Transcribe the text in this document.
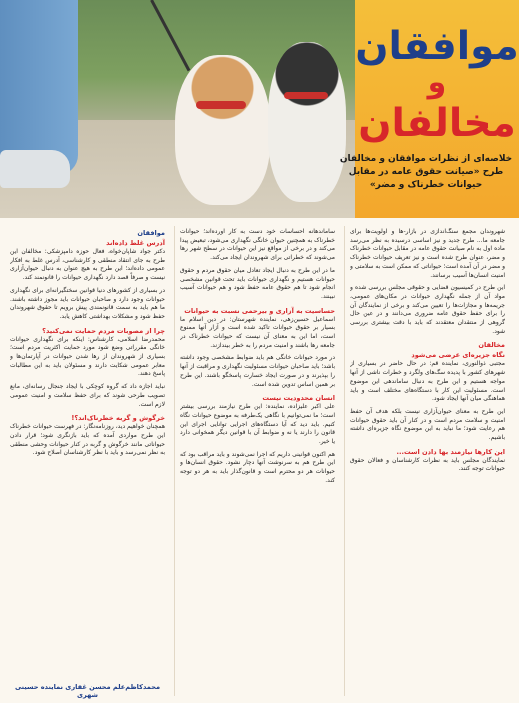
موافقان
و
مخالفان
خلاصه‌ای از نظرات موافقان و مخالفان طرح «صیانت حقوق عامه در مقابل حیوانات خطرناک و مضر»
شهروندان مجمع سنگ‌اندازی در بازار-ها و اولویت‌ها برای جامعه ما... طرح جدید و نیز اساسی درسیده به نظر می‌رسد ماده اول به نام صیانت حقوق عامه در مقابل حیوانات خطرناک و مضر، عنوان طرح شده است و نیز تعریف حیوانات خطرناک و مضر در آن آمده است؛ حیواناتی که ممکن است به سلامتی و امنیت انسان‌ها آسیب برسانند.
این طرح در کمیسیون قضایی و حقوقی مجلس بررسی شده و مواد آن از جمله نگهداری حیوانات در مکان‌های عمومی، جریمه‌ها و مجازات‌ها را تعیین می‌کند و برخی از نمایندگان آن را برای حفظ حقوق عامه ضروری می‌دانند و در عین حال گروهی از منتقدان معتقدند که باید با دقت بیشتری بررسی شود.
مخالفان
نگاه جزیره‌ای عرضی می‌شود
مجتبی ذوالنوری، نماینده قم: در حال حاضر در بسیاری از شهرهای کشور با پدیده سگ‌های ولگرد و خطرات ناشی از آنها مواجه هستیم و این طرح به دنبال ساماندهی این موضوع است. مسئولیت این کار با دستگاه‌های مختلف است و باید هماهنگی میان آنها ایجاد شود.
این طرح به معنای حیوان‌آزاری نیست بلکه هدف آن حفظ امنیت و سلامت مردم است و در کنار آن باید حقوق حیوانات هم رعایت شود؛ ما نباید به این موضوع نگاه جزیره‌ای داشته باشیم.
این کارها نیازمند بها دادن است...
نمایندگان مجلس باید به نظرات کارشناسان و فعالان حقوق حیوانات توجه کنند.
ساماندهانه احساسات خود دست به کار آورده‌اند؛ حیوانات خطرناک به همچنین حیوان خانگی نگهداری می‌شود، تبعیض پیدا می‌کند و در برخی از مواقع نیز این حیوانات در سطح شهر رها می‌شوند که خطراتی برای شهروندان ایجاد می‌کند.
ما در این طرح به دنبال ایجاد تعادل میان حقوق مردم و حقوق حیوانات هستیم و نگهداری حیوانات باید تحت قوانین مشخصی انجام شود تا هم حقوق عامه حفظ شود و هم حیوانات آسیب نبینند.
حساسیت به آزاری و بیرحمی نسبت به حیوانات
اسماعیل حسین‌زهی، نماینده شهرستان: در دین اسلام ما بسیار بر حقوق حیوانات تاکید شده است و آزار آنها ممنوع است، اما این به معنای آن نیست که حیوانات خطرناک در جامعه رها باشند و امنیت مردم را به خطر بیندازند.
در مورد حیوانات خانگی هم باید ضوابط مشخصی وجود داشته باشد؛ باید صاحبان حیوانات مسئولیت نگهداری و مراقبت از آنها را بپذیرند و در صورت ایجاد خسارت پاسخگو باشند. این طرح بر همین اساس تدوین شده است.
انسان محدودیت نیست
علی اکبر علیزاده، نماینده: این طرح نیازمند بررسی بیشتر است؛ ما نمی‌توانیم با نگاهی یک‌طرفه به موضوع حیوانات نگاه کنیم. باید دید که آیا دستگاه‌های اجرایی توانایی اجرای این قانون را دارند یا نه و ضوابط آن با قوانین دیگر همخوانی دارد یا خیر.
هم اکنون قوانینی داریم که اجرا نمی‌شوند و باید مراقب بود که این طرح هم به سرنوشت آنها دچار نشود. حقوق انسان‌ها و حیوانات هر دو محترم است و قانون‌گذار باید به هر دو توجه کند.
موافقان
آدرس غلط داده‌اند
دکتر جواد شاپان‌خواه، فعال حوزه دامپزشکی: مخالفان این طرح به جای انتقاد منطقی و کارشناسی، آدرس غلط به افکار عمومی داده‌اند؛ این طرح به هیچ عنوان به دنبال حیوان‌آزاری نیست و صرفاً قصد دارد نگهداری حیوانات را قانونمند کند.
در بسیاری از کشورهای دنیا قوانین سختگیرانه‌ای برای نگهداری حیوانات وجود دارد و صاحبان حیوانات باید مجوز داشته باشند. ما هم باید به سمت قانونمندی پیش برویم تا حقوق شهروندان حفظ شود و مشکلات بهداشتی کاهش یابد.
چرا از مصوبات مردم حمایت نمی‌کنید؟
محمدرضا اسلامی، کارشناس: اینکه برای نگهداری حیوانات خانگی مقرراتی وضع شود مورد حمایت اکثریت مردم است؛ بسیاری از شهروندان از رها شدن حیوانات در آپارتمان‌ها و معابر عمومی شکایت دارند و مسئولان باید به این مطالبات پاسخ دهند.
نباید اجازه داد که گروه کوچکی با ایجاد جنجال رسانه‌ای، مانع تصویب طرحی شوند که برای حفظ سلامت و امنیت عمومی لازم است.
خرگوش و گربه خطرناک‌اند؟!
همچنان خواهیم دید، روزنامه‌نگار: در فهرست حیوانات خطرناک این طرح مواردی آمده که باید بازنگری شود؛ قرار دادن حیواناتی مانند خرگوش و گربه در کنار حیوانات وحشی منطقی به نظر نمی‌رسد و باید با نظر کارشناسان اصلاح شود.
محمدکاظم‌علم محسن غفاری نماینده حسینی شهری
